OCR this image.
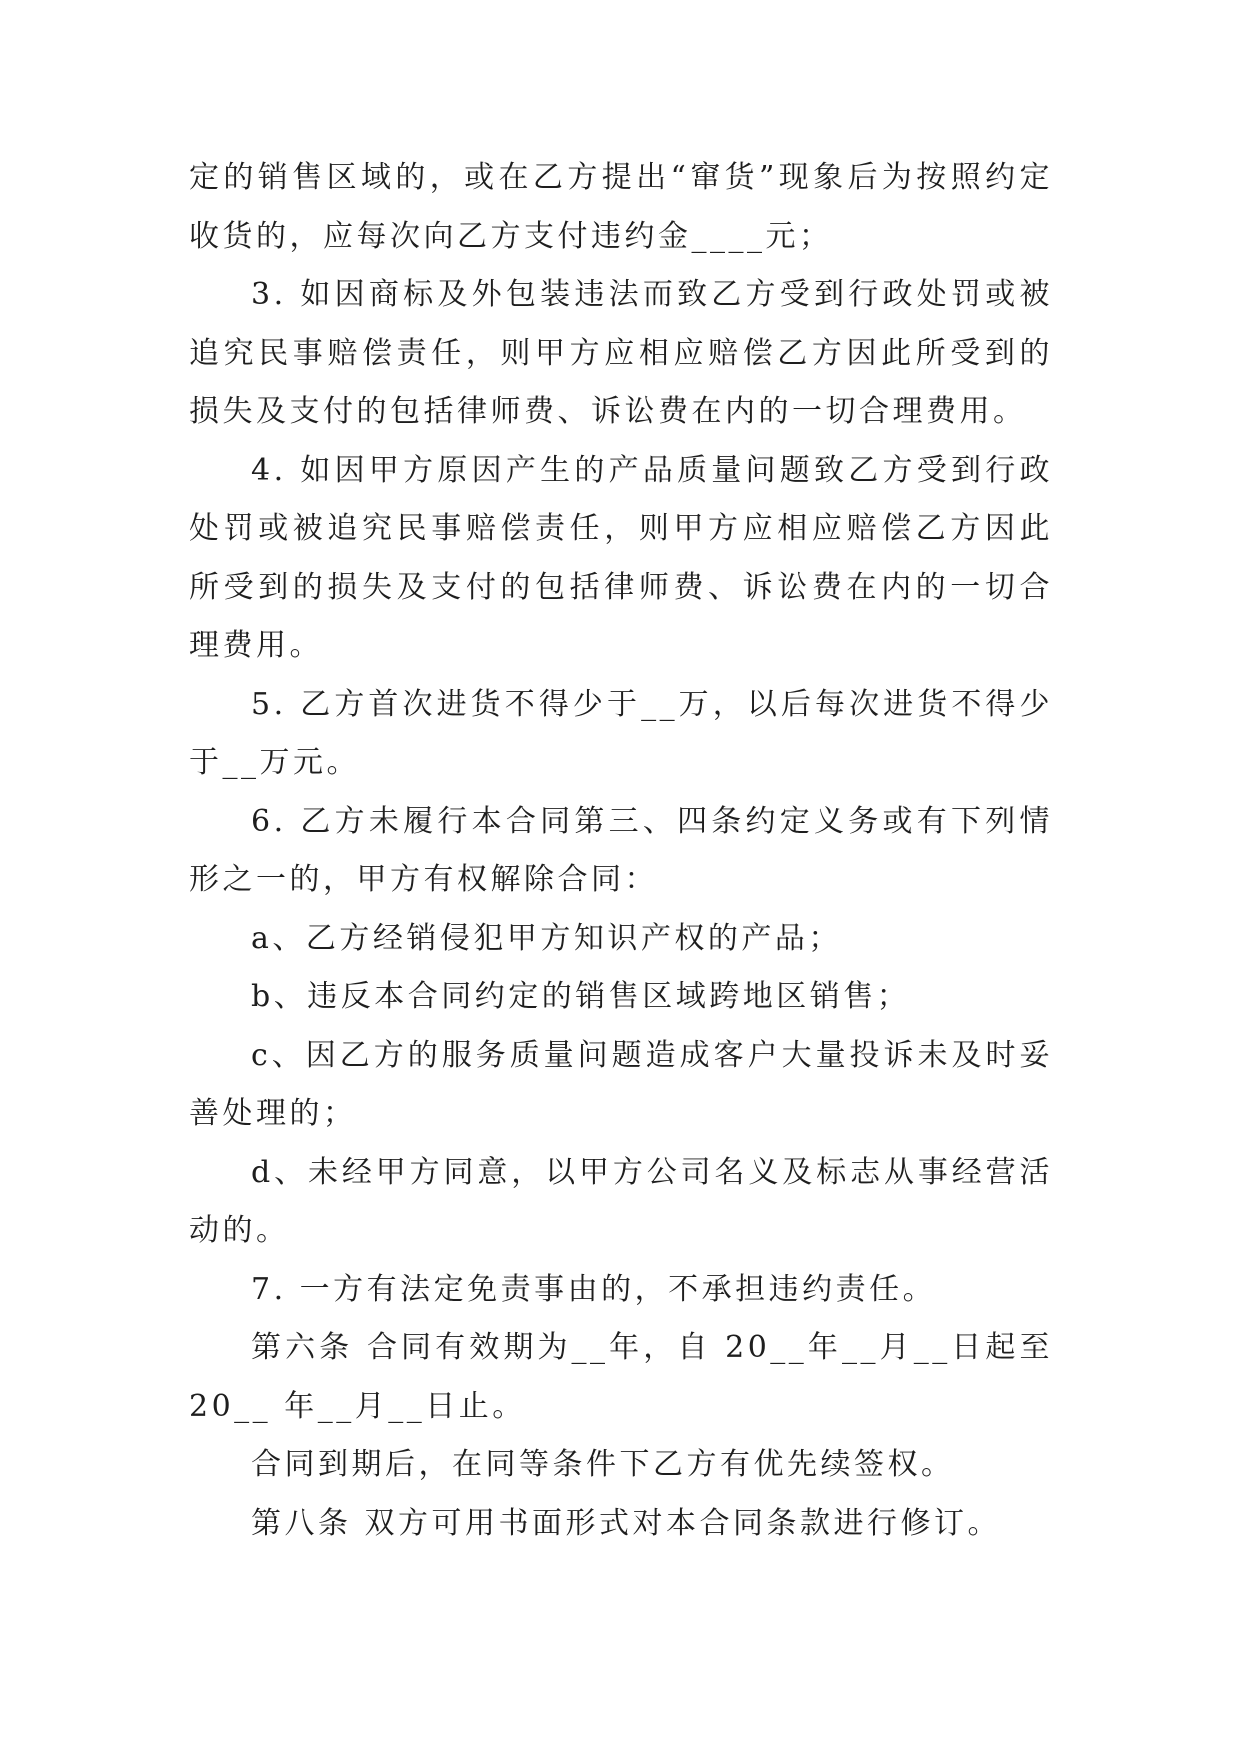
定的销售区域的，或在乙方提出“窜货”现象后为按照约定收货的，应每次向乙方支付违约金____元；

3. 如因商标及外包装违法而致乙方受到行政处罚或被追究民事赔偿责任，则甲方应相应赔偿乙方因此所受到的损失及支付的包括律师费、诉讼费在内的一切合理费用。

4. 如因甲方原因产生的产品质量问题致乙方受到行政处罚或被追究民事赔偿责任，则甲方应相应赔偿乙方因此所受到的损失及支付的包括律师费、诉讼费在内的一切合理费用。

5. 乙方首次进货不得少于__万，以后每次进货不得少于__万元。

6. 乙方未履行本合同第三、四条约定义务或有下列情形之一的，甲方有权解除合同：

a、乙方经销侵犯甲方知识产权的产品；

b、违反本合同约定的销售区域跨地区销售；

c、因乙方的服务质量问题造成客户大量投诉未及时妥善处理的；

d、未经甲方同意，以甲方公司名义及标志从事经营活动的。

7. 一方有法定免责事由的，不承担违约责任。

第六条 合同有效期为__年，自 20__年__月__日起至 20__ 年__月__日止。

合同到期后，在同等条件下乙方有优先续签权。

第八条 双方可用书面形式对本合同条款进行修订。
